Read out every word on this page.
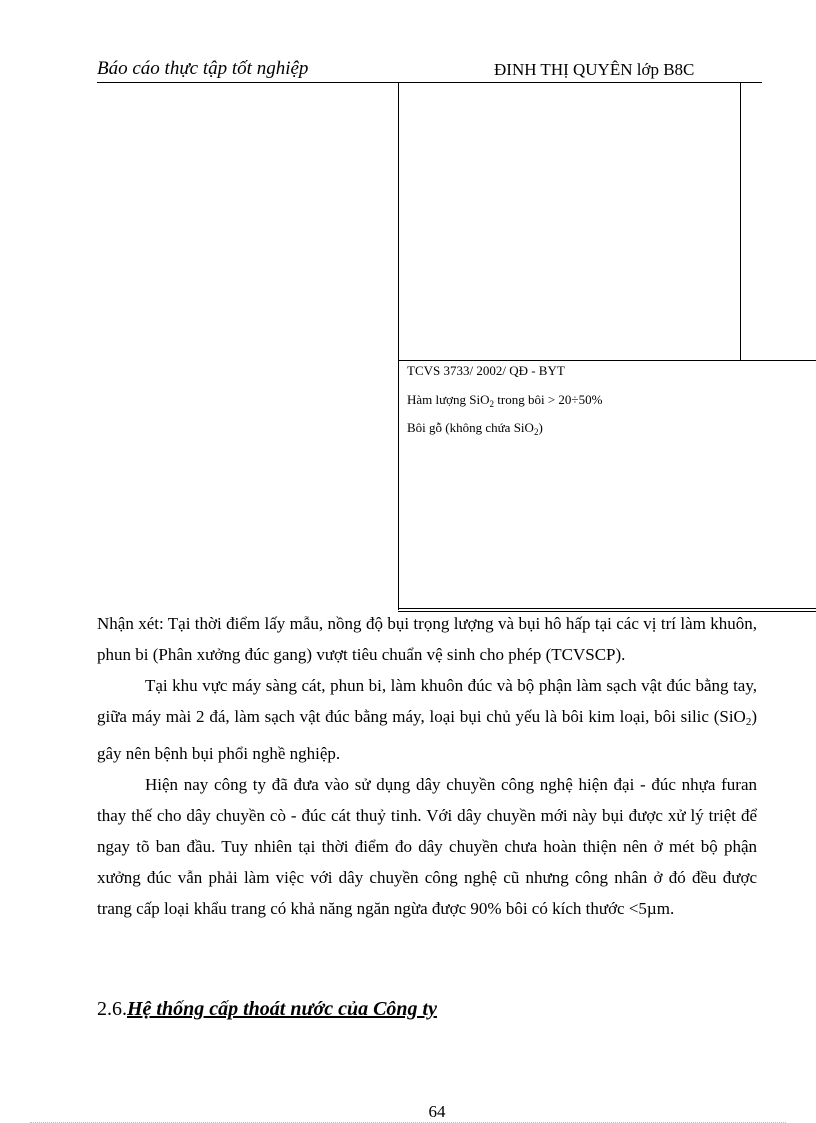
Báo cáo thực tập tốt nghiệp	ĐINH THỊ QUYÊN lớp B8C
TCVS 3733/ 2002/ QĐ - BYT
Hàm lượng SiO$_2$ trong bôi > 20÷50%
Bôi gỗ (không chứa SiO$_2$)

Nhận xét: Tại thời điểm lấy mẫu, nồng độ bụi trọng lượng và bụi hô hấp tại các vị trí làm khuôn, phun bi (Phân xưởng đúc gang) vượt tiêu chuẩn vệ sinh cho phép (TCVSCP).

Tại khu vực máy sàng cát, phun bi, làm khuôn đúc và bộ phận làm sạch vật đúc bằng tay, giữa máy mài 2 đá, làm sạch vật đúc bằng máy, loại bụi chủ yếu là bôi kim loại, bôi silic (SiO$_2$) gây nên bệnh bụi phổi nghề nghiệp.

Hiện nay công ty đã đưa vào sử dụng dây chuyền công nghệ hiện đại - đúc nhựa furan thay thế cho dây chuyền cò - đúc cát thuỷ tinh. Với dây chuyền mới này bụi được xử lý triệt để ngay tõ ban đầu. Tuy nhiên tại thời điểm đo dây chuyền chưa hoàn thiện nên ở mét bộ phận xưởng đúc vẫn phải làm việc với dây chuyền công nghệ cũ nhưng công nhân ở đó đều được trang cấp loại khẩu trang có khả năng ngăn ngừa được 90% bôi có kích thước <5µm.

2.6.Hệ thống cấp thoát nước của Công ty
64
